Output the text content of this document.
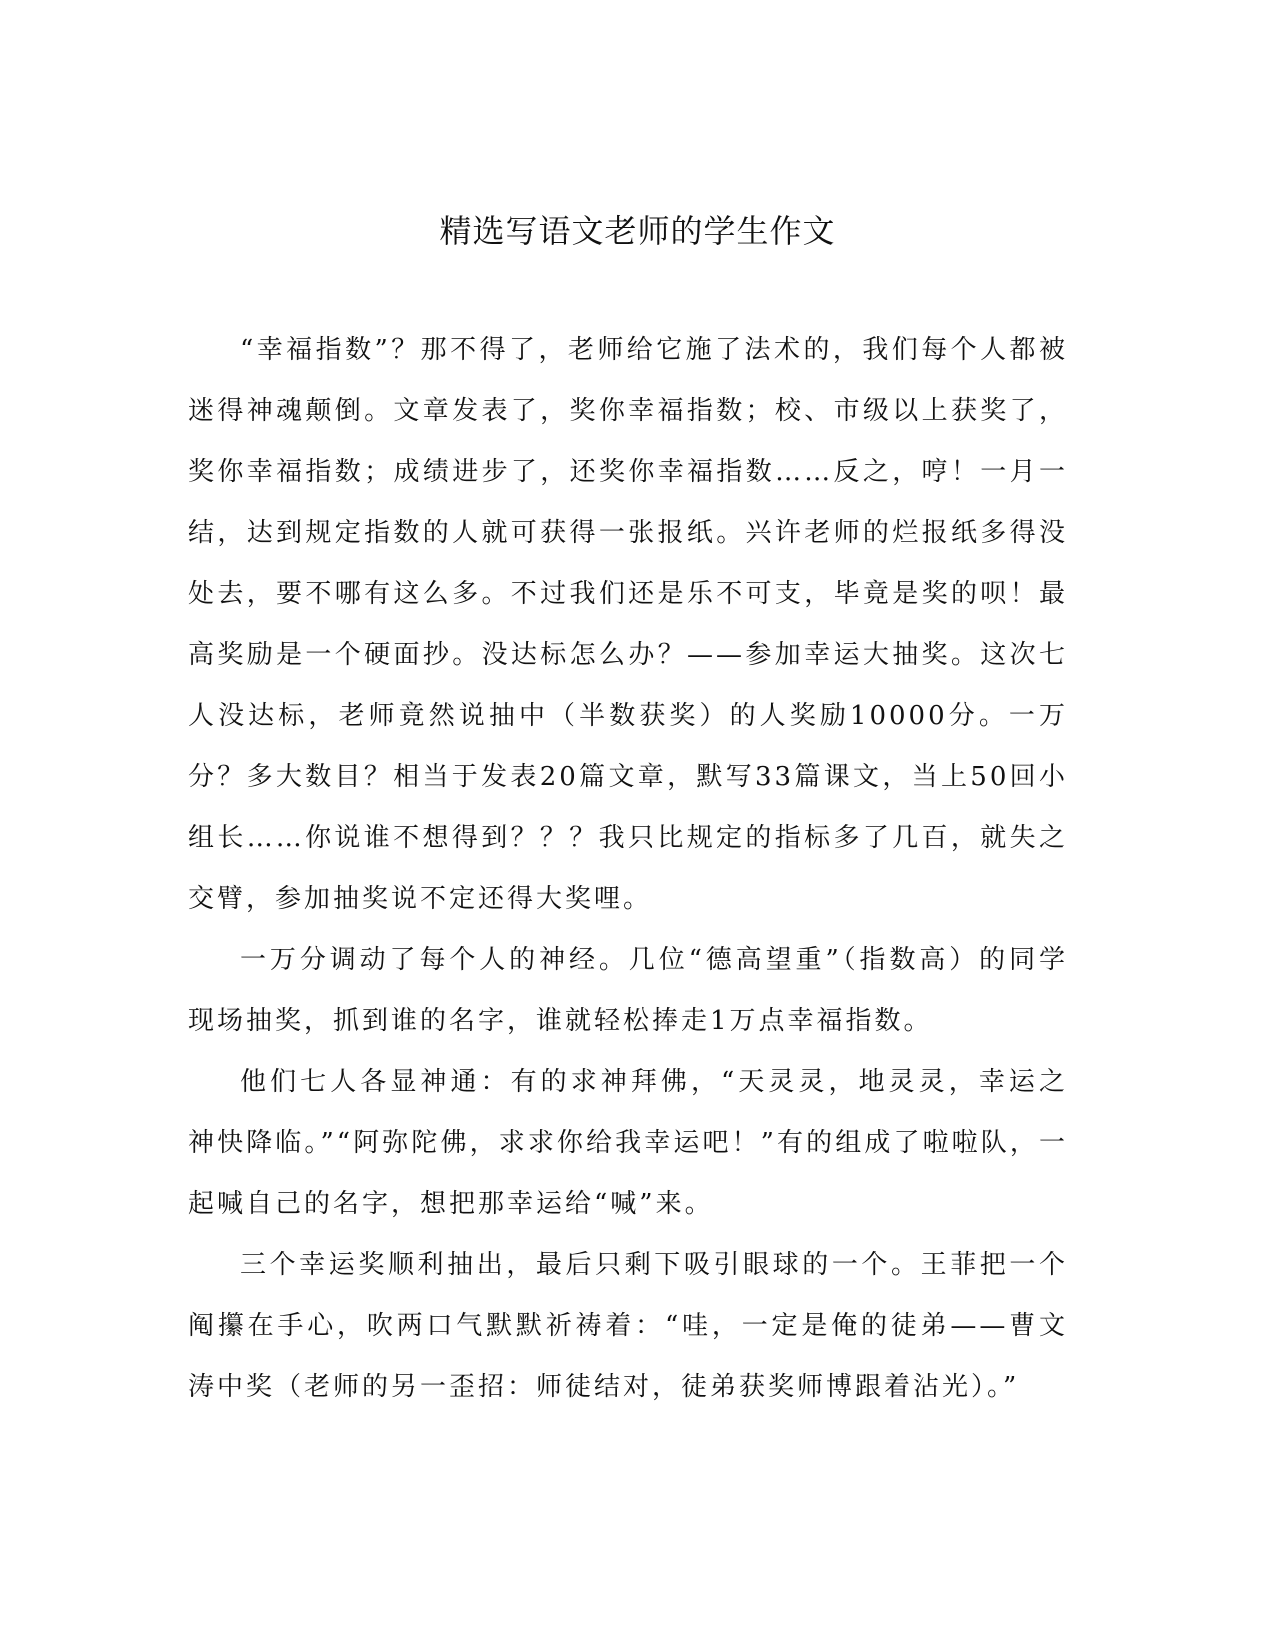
精选写语文老师的学生作文

“幸福指数”？那不得了，老师给它施了法术的，我们每个人都被迷得神魂颠倒。文章发表了，奖你幸福指数；校、市级以上获奖了，奖你幸福指数；成绩进步了，还奖你幸福指数……反之，哼！一月一结，达到规定指数的人就可获得一张报纸。兴许老师的烂报纸多得没处去，要不哪有这么多。不过我们还是乐不可支，毕竟是奖的呗！最高奖励是一个硬面抄。没达标怎么办？——参加幸运大抽奖。这次七人没达标，老师竟然说抽中（半数获奖）的人奖励10000分。一万分？多大数目？相当于发表20篇文章，默写33篇课文，当上50回小组长……你说谁不想得到？？？我只比规定的指标多了几百，就失之交臂，参加抽奖说不定还得大奖哩。

一万分调动了每个人的神经。几位“德高望重”（指数高）的同学现场抽奖，抓到谁的名字，谁就轻松捧走1万点幸福指数。

他们七人各显神通：有的求神拜佛，“天灵灵，地灵灵，幸运之神快降临。”“阿弥陀佛，求求你给我幸运吧！”有的组成了啦啦队，一起喊自己的名字，想把那幸运给“喊”来。

三个幸运奖顺利抽出，最后只剩下吸引眼球的一个。王菲把一个阄攥在手心，吹两口气默默祈祷着：“哇，一定是俺的徒弟——曹文涛中奖（老师的另一歪招：师徒结对，徒弟获奖师博跟着沾光）。”
